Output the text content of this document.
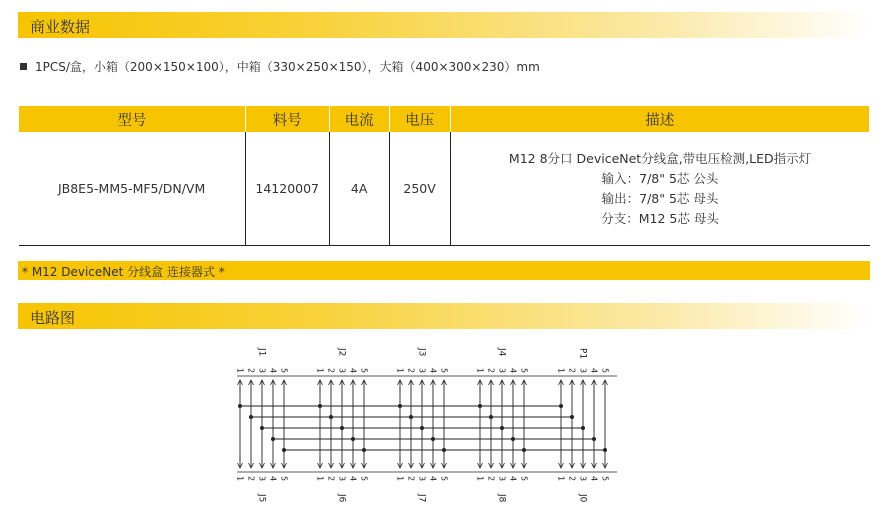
商业数据
1PCS/盒，小箱（200×150×100），中箱（330×250×150），大箱（400×300×230）mm
型号	料号	电流	电压	描述
JB8E5-MM5-MF5/DN/VM	14120007	4A	250V	M12 8分口 DeviceNet分线盒,带电压检测,LED指示灯
输入：7/8" 5芯 公头
输出：7/8" 5芯 母头
分支：M12 5芯 母头
* M12 DeviceNet 分线盒 连接器式 *
电路图
J1
J5
1
1
2
2
3
3
4
4
5
5
J2
J6
1
1
2
2
3
3
4
4
5
5
J3
J7
1
1
2
2
3
3
4
4
5
5
J4
J8
1
1
2
2
3
3
4
4
5
5
P1
J0
1
1
2
2
3
3
4
4
5
5
